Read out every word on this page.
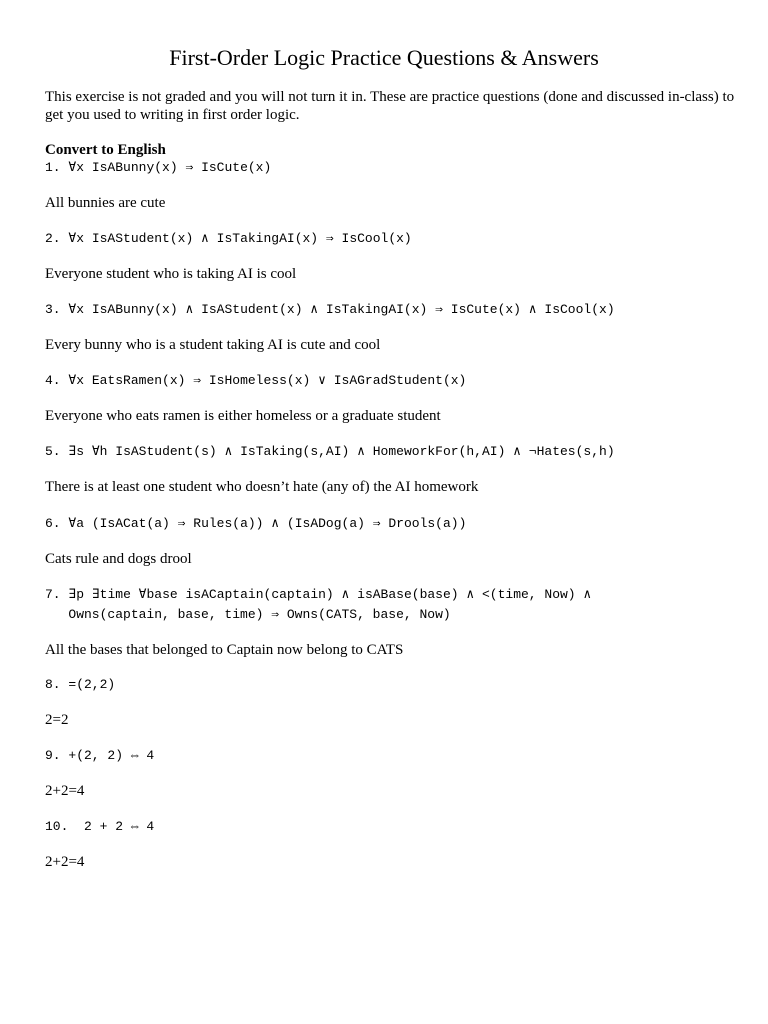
First-Order Logic Practice Questions & Answers
This exercise is not graded and you will not turn it in. These are practice questions (done and discussed in-class) to get you used to writing in first order logic.
Convert to English
1. ∀x IsABunny(x) ⇒ IsCute(x)
All bunnies are cute
2. ∀x IsAStudent(x) ∧ IsTakingAI(x) ⇒ IsCool(x)
Everyone student who is taking AI is cool
3. ∀x IsABunny(x) ∧ IsAStudent(x) ∧ IsTakingAI(x) ⇒ IsCute(x) ∧ IsCool(x)
Every bunny who is a student taking AI is cute and cool
4. ∀x EatsRamen(x) ⇒ IsHomeless(x) ∨ IsAGradStudent(x)
Everyone who eats ramen is either homeless or a graduate student
5. ∃s ∀h IsAStudent(s) ∧ IsTaking(s,AI) ∧ HomeworkFor(h,AI) ∧ ¬Hates(s,h)
There is at least one student who doesn’t hate (any of) the AI homework
6. ∀a (IsACat(a) ⇒ Rules(a)) ∧ (IsADog(a) ⇒ Drools(a))
Cats rule and dogs drool
7. ∃p ∃time ∀base isACaptain(captain) ∧ isABase(base) ∧ <(time, Now) ∧
Owns(captain, base, time) ⇒ Owns(CATS, base, Now)
All the bases that belonged to Captain now belong to CATS
8. =(2,2)
2=2
9. +(2, 2) ⇔ 4
2+2=4
10.  2 + 2 ⇔ 4
2+2=4
